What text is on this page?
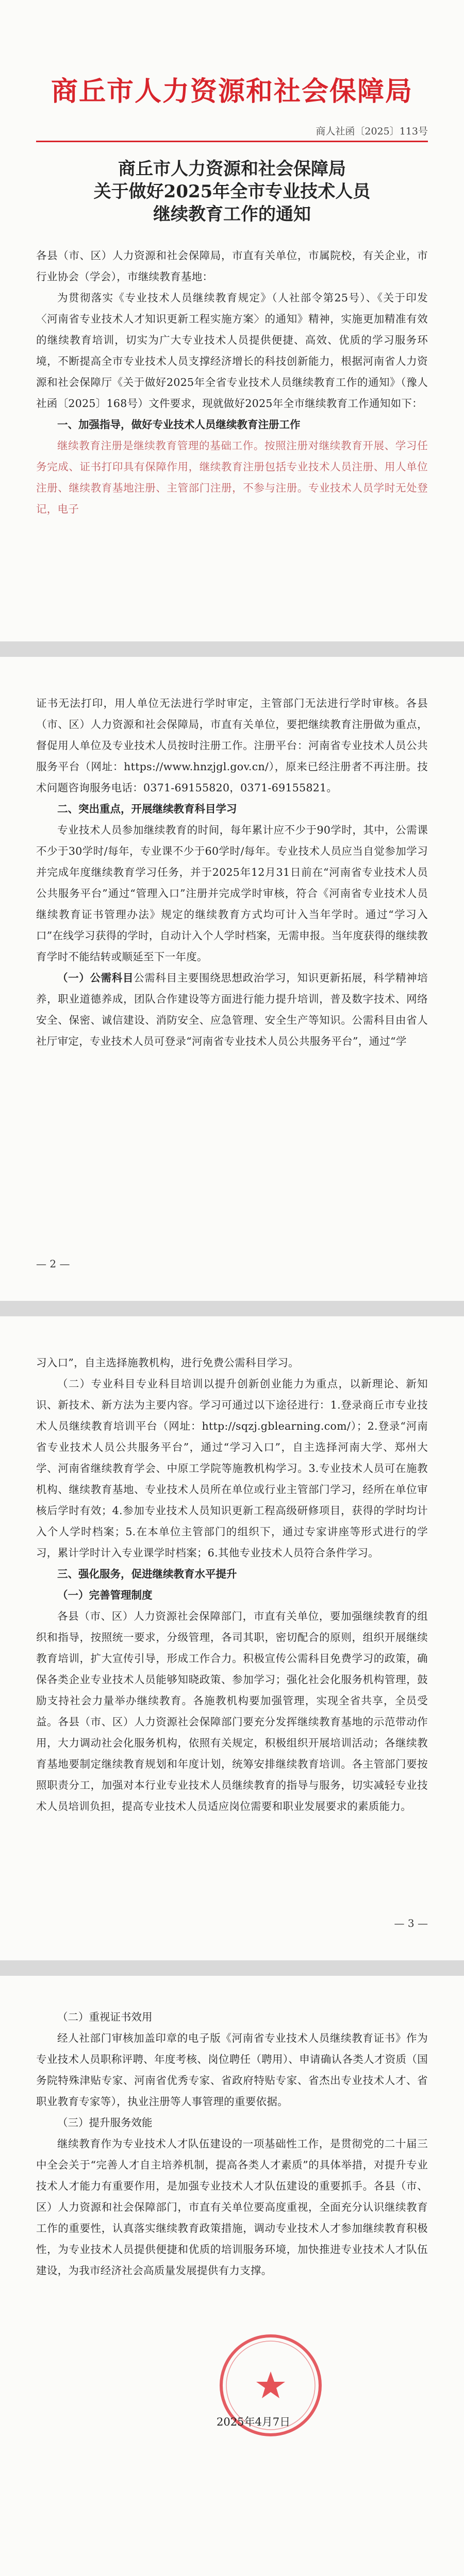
商丘市人力资源和社会保障局
商人社函〔2025〕113号
商丘市人力资源和社会保障局
关于做好2025年全市专业技术人员
继续教育工作的通知

各县（市、区）人力资源和社会保障局，市直有关单位，市属院校，有关企业，市行业协会（学会），市继续教育基地：

为贯彻落实《专业技术人员继续教育规定》（人社部令第25号）、《关于印发〈河南省专业技术人才知识更新工程实施方案〉的通知》精神，实施更加精准有效的继续教育培训，切实为广大专业技术人员提供便捷、高效、优质的学习服务环境，不断提高全市专业技术人员支撑经济增长的科技创新能力，根据河南省人力资源和社会保障厅《关于做好2025年全省专业技术人员继续教育工作的通知》（豫人社函〔2025〕168号）文件要求，现就做好2025年全市继续教育工作通知如下：

一、加强指导，做好专业技术人员继续教育注册工作

继续教育注册是继续教育管理的基础工作。按照注册对继续教育开展、学习任务完成、证书打印具有保障作用，继续教育注册包括专业技术人员注册、用人单位注册、继续教育基地注册、主管部门注册，不参与注册。专业技术人员学时无处登记，电子

证书无法打印，用人单位无法进行学时审定，主管部门无法进行学时审核。各县（市、区）人力资源和社会保障局，市直有关单位，要把继续教育注册做为重点，督促用人单位及专业技术人员按时注册工作。注册平台：河南省专业技术人员公共服务平台（网址：https://www.hnzjgl.gov.cn/），原来已经注册者不再注册。技术问题咨询服务电话：0371-69155820，0371-69155821。

二、突出重点，开展继续教育科目学习

专业技术人员参加继续教育的时间，每年累计应不少于90学时，其中，公需课不少于30学时/每年，专业课不少于60学时/每年。专业技术人员应当自觉参加学习并完成年度继续教育学习任务，并于2025年12月31日前在“河南省专业技术人员公共服务平台”通过“管理入口”注册并完成学时审核，符合《河南省专业技术人员继续教育证书管理办法》规定的继续教育方式均可计入当年学时。通过“学习入口”在线学习获得的学时，自动计入个人学时档案，无需申报。当年度获得的继续教育学时不能结转或顺延至下一年度。

（一）公需科目公需科目主要围绕思想政治学习，知识更新拓展，科学精神培养，职业道德养成，团队合作建设等方面进行能力提升培训，普及数字技术、网络安全、保密、诚信建设、消防安全、应急管理、安全生产等知识。公需科目由省人社厅审定，专业技术人员可登录“河南省专业技术人员公共服务平台”，通过“学

— 2 —

习入口”，自主选择施教机构，进行免费公需科目学习。

（二）专业科目专业科目培训以提升创新创业能力为重点，以新理论、新知识、新技术、新方法为主要内容。学习可通过以下途径进行：1.登录商丘市专业技术人员继续教育培训平台（网址：http://sqzj.gblearning.com/）；2.登录“河南省专业技术人员公共服务平台”，通过“学习入口”，自主选择河南大学、郑州大学、河南省继续教育学会、中原工学院等施教机构学习。3.专业技术人员可在施教机构、继续教育基地、专业技术人员所在单位或行业主管部门学习，经所在单位审核后学时有效；4.参加专业技术人员知识更新工程高级研修项目，获得的学时均计入个人学时档案；5.在本单位主管部门的组织下，通过专家讲座等形式进行的学习，累计学时计入专业课学时档案；6.其他专业技术人员符合条件学习。

三、强化服务，促进继续教育水平提升

（一）完善管理制度

各县（市、区）人力资源社会保障部门，市直有关单位，要加强继续教育的组织和指导，按照统一要求，分级管理，各司其职，密切配合的原则，组织开展继续教育培训，扩大宣传引导，形成工作合力。积极宣传公需科目免费学习的政策，确保各类企业专业技术人员能够知晓政策、参加学习；强化社会化服务机构管理，鼓励支持社会力量举办继续教育。各施教机构要加强管理，实现全省共享，全员受益。各县（市、区）人力资源社会保障部门要充分发挥继续教育基地的示范带动作用，大力调动社会化服务机构，依照有关规定，积极组织开展培训活动；各继续教育基地要制定继续教育规划和年度计划，统筹安排继续教育培训。各主管部门要按照职责分工，加强对本行业专业技术人员继续教育的指导与服务，切实减轻专业技术人员培训负担，提高专业技术人员适应岗位需要和职业发展要求的素质能力。

— 3 —

（二）重视证书效用

经人社部门审核加盖印章的电子版《河南省专业技术人员继续教育证书》作为专业技术人员职称评聘、年度考核、岗位聘任（聘用）、申请确认各类人才资质（国务院特殊津贴专家、河南省优秀专家、省政府特贴专家、省杰出专业技术人才、省职业教育专家等），执业注册等人事管理的重要依据。

（三）提升服务效能

继续教育作为专业技术人才队伍建设的一项基础性工作，是贯彻党的二十届三中全会关于“完善人才自主培养机制，提高各类人才素质”的具体举措，对提升专业技术人才能力有重要作用，是加强专业技术人才队伍建设的重要抓手。各县（市、区）人力资源和社会保障部门，市直有关单位要高度重视，全面充分认识继续教育工作的重要性，认真落实继续教育政策措施，调动专业技术人才参加继续教育积极性，为专业技术人员提供便捷和优质的培训服务环境，加快推进专业技术人才队伍建设，为我市经济社会高质量发展提供有力支撑。

2025年4月7日
